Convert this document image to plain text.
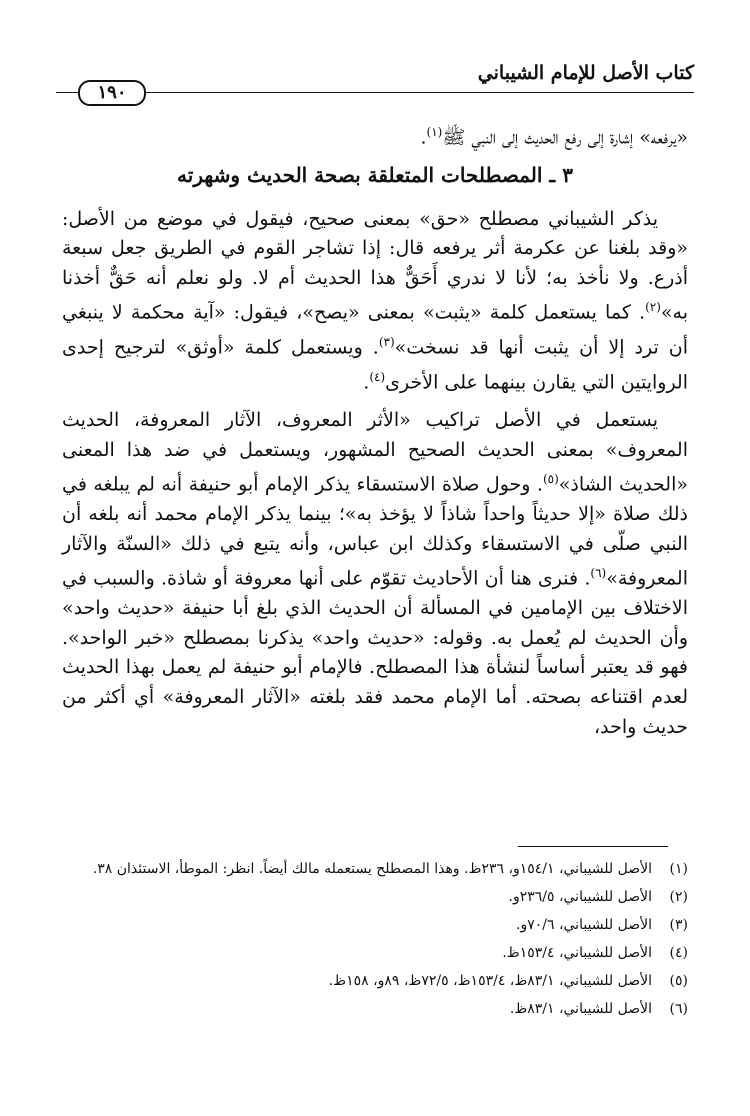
كتاب الأصل للإمام الشيباني
١٩٠

«يرفعه» إشارة إلى رفع الحديث إلى النبي ﷺ$^{(١)}$.

٣ ـ المصطلحات المتعلقة بصحة الحديث وشهرته

يذكر الشيباني مصطلح «حق» بمعنى صحيح، فيقول في موضع من الأصل: «وقد بلغنا عن عكرمة أثر يرفعه قال: إذا تشاجر القوم في الطريق جعل سبعة أذرع. ولا نأخذ به؛ لأنا لا ندري أَحَقٌّ هذا الحديث أم لا. ولو نعلم أنه حَقٌّ أخذنا به»$^{(٢)}$. كما يستعمل كلمة «يثبت» بمعنى «يصح»، فيقول: «آية محكمة لا ينبغي أن ترد إلا أن يثبت أنها قد نسخت»$^{(٣)}$. ويستعمل كلمة «أوثق» لترجيح إحدى الروايتين التي يقارن بينهما على الأخرى$^{(٤)}$.

يستعمل في الأصل تراكيب «الأثر المعروف، الآثار المعروفة، الحديث المعروف» بمعنى الحديث الصحيح المشهور، ويستعمل في ضد هذا المعنى «الحديث الشاذ»$^{(٥)}$. وحول صلاة الاستسقاء يذكر الإمام أبو حنيفة أنه لم يبلغه في ذلك صلاة «إلا حديثاً واحداً شاذاً لا يؤخذ به»؛ بينما يذكر الإمام محمد أنه بلغه أن النبي صلّى في الاستسقاء وكذلك ابن عباس، وأنه يتبع في ذلك «السنّة والآثار المعروفة»$^{(٦)}$. فنرى هنا أن الأحاديث تقوّم على أنها معروفة أو شاذة. والسبب في الاختلاف بين الإمامين في المسألة أن الحديث الذي بلغ أبا حنيفة «حديث واحد» وأن الحديث لم يُعمل به. وقوله: «حديث واحد» يذكرنا بمصطلح «خبر الواحد». فهو قد يعتبر أساساً لنشأة هذا المصطلح. فالإمام أبو حنيفة لم يعمل بهذا الحديث لعدم اقتناعه بصحته. أما الإمام محمد فقد بلغته «الآثار المعروفة» أي أكثر من حديث واحد،

(١)
الأصل للشيباني، ١٥٤/١و، ٢٣٦ظ. وهذا المصطلح يستعمله مالك أيضاً. انظر: الموطأ، الاستئذان ٣٨.
(٢)
الأصل للشيباني، ٢٣٦/٥و.
(٣)
الأصل للشيباني، ٧٠/٦و.
(٤)
الأصل للشيباني، ١٥٣/٤ظ.
(٥)
الأصل للشيباني، ٨٣/١ظ، ١٥٣/٤ظ، ٧٢/٥ظ، ٨٩و، ١٥٨ظ.
(٦)
الأصل للشيباني، ٨٣/١ظ.
